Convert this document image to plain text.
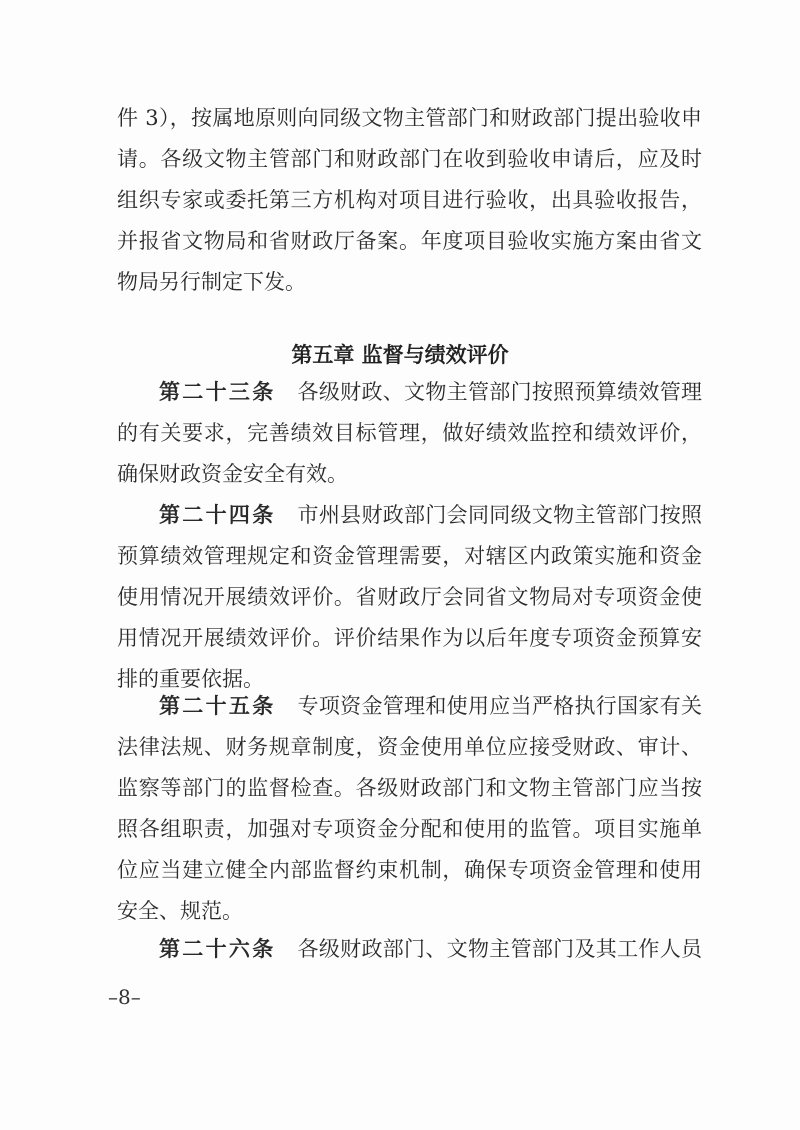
件 3），按属地原则向同级文物主管部门和财政部门提出验收申
请。各级文物主管部门和财政部门在收到验收申请后，应及时
组织专家或委托第三方机构对项目进行验收，出具验收报告，
并报省文物局和省财政厅备案。年度项目验收实施方案由省文
物局另行制定下发。
第五章 监督与绩效评价
第二十三条 各级财政、文物主管部门按照预算绩效管理
的有关要求，完善绩效目标管理，做好绩效监控和绩效评价，
确保财政资金安全有效。
第二十四条 市州县财政部门会同同级文物主管部门按照
预算绩效管理规定和资金管理需要，对辖区内政策实施和资金
使用情况开展绩效评价。省财政厅会同省文物局对专项资金使
用情况开展绩效评价。评价结果作为以后年度专项资金预算安
排的重要依据。
第二十五条 专项资金管理和使用应当严格执行国家有关
法律法规、财务规章制度，资金使用单位应接受财政、审计、
监察等部门的监督检查。各级财政部门和文物主管部门应当按
照各组职责，加强对专项资金分配和使用的监管。项目实施单
位应当建立健全内部监督约束机制，确保专项资金管理和使用
安全、规范。
第二十六条 各级财政部门、文物主管部门及其工作人员
–8–
